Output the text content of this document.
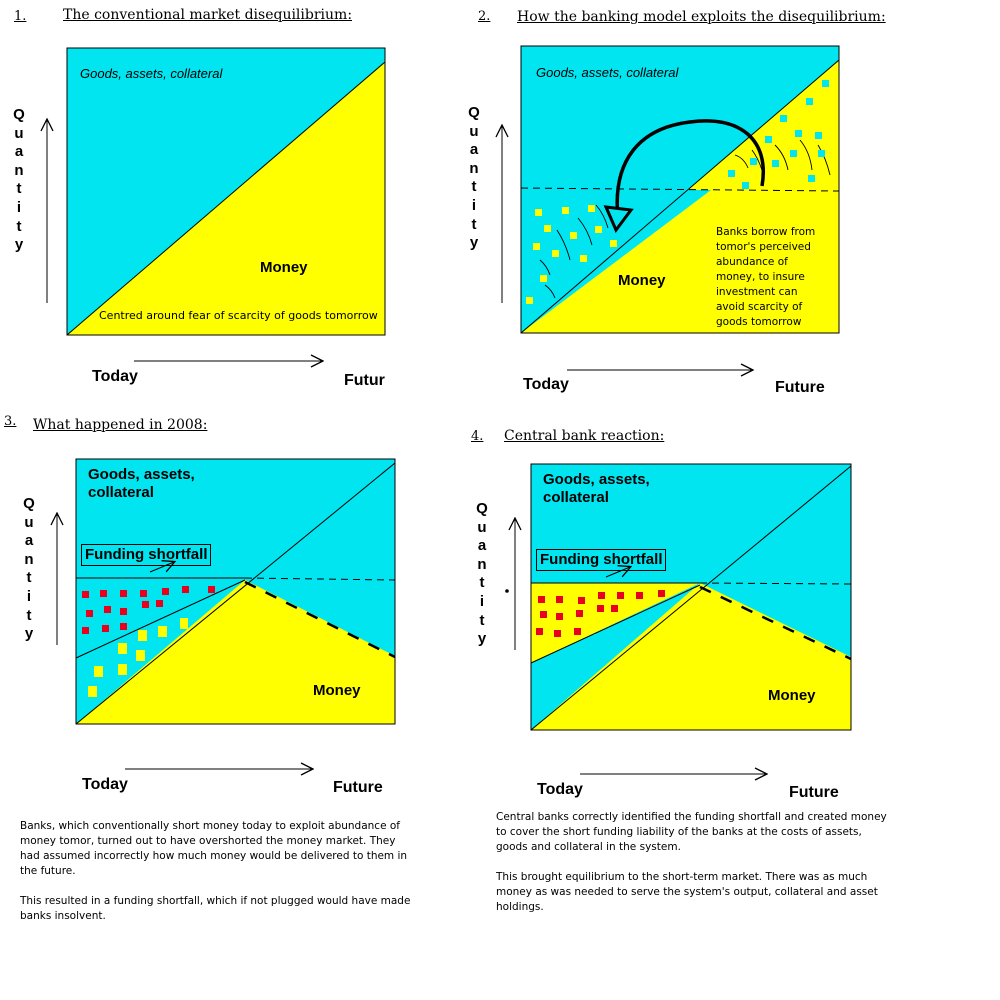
1.	The conventional market disequilibrium:
Q
u
a
n
t
i
t
y
Goods, assets, collateral
Money
Centred around fear of scarcity of goods tomorrow
Today	Futur
2. How the banking model exploits the disequilibrium:
Q
u
a
n
t
i
t
y
Goods, assets, collateral
Money
Banks borrow from
tomor's perceived
abundance of
money, to insure
investment can
avoid scarcity of
goods tomorrow
Today	Future
3. What happened in 2008:
Q
u
a
n
t
i
t
y
Goods, assets,
collateral
Funding shortfall
Money
Today	Future
Banks, which conventionally short money today to exploit abundance of money tomor, turned out to have overshorted the money market. They had assumed incorrectly how much money would be delivered to them in the future.
This resulted in a funding shortfall, which if not plugged would have made banks insolvent.
4. Central bank reaction:
Q
u
a
n
t
i
t
y
Goods, assets,
collateral
Funding shortfall
Money
Today	Future
Central banks correctly identified the funding shortfall and created money to cover the short funding liability of the banks at the costs of assets, goods and collateral in the system.
This brought equilibrium to the short-term market. There was as much money as was needed to serve the system's output, collateral and asset holdings.
